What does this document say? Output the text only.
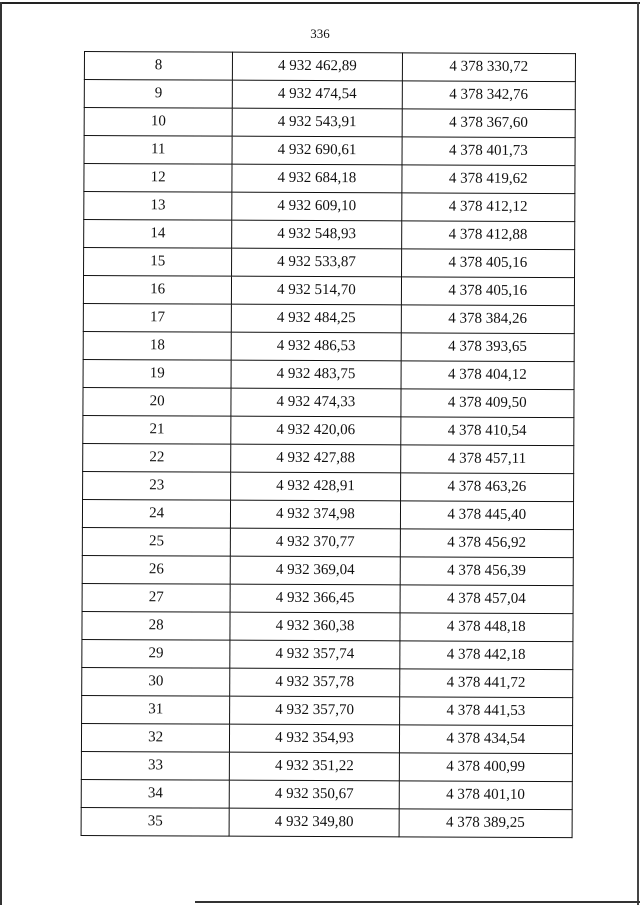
336
8	4 932 462,89	4 378 330,72
9	4 932 474,54	4 378 342,76
10	4 932 543,91	4 378 367,60
11	4 932 690,61	4 378 401,73
12	4 932 684,18	4 378 419,62
13	4 932 609,10	4 378 412,12
14	4 932 548,93	4 378 412,88
15	4 932 533,87	4 378 405,16
16	4 932 514,70	4 378 405,16
17	4 932 484,25	4 378 384,26
18	4 932 486,53	4 378 393,65
19	4 932 483,75	4 378 404,12
20	4 932 474,33	4 378 409,50
21	4 932 420,06	4 378 410,54
22	4 932 427,88	4 378 457,11
23	4 932 428,91	4 378 463,26
24	4 932 374,98	4 378 445,40
25	4 932 370,77	4 378 456,92
26	4 932 369,04	4 378 456,39
27	4 932 366,45	4 378 457,04
28	4 932 360,38	4 378 448,18
29	4 932 357,74	4 378 442,18
30	4 932 357,78	4 378 441,72
31	4 932 357,70	4 378 441,53
32	4 932 354,93	4 378 434,54
33	4 932 351,22	4 378 400,99
34	4 932 350,67	4 378 401,10
35	4 932 349,80	4 378 389,25
